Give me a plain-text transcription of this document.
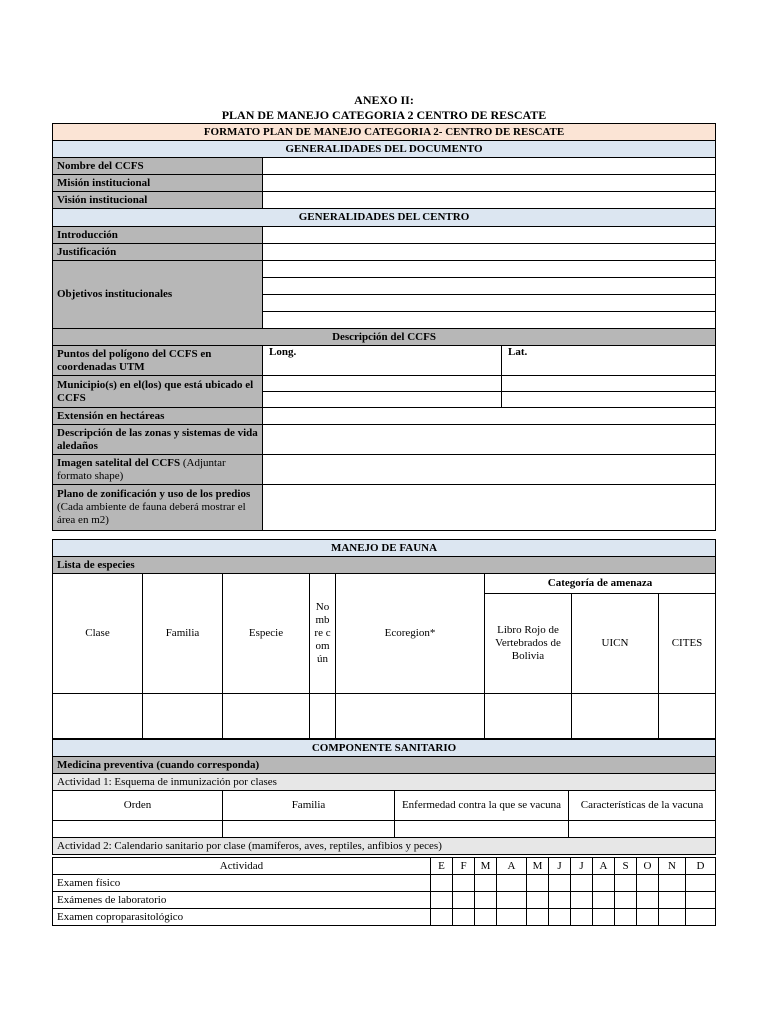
ANEXO II:
PLAN DE MANEJO CATEGORIA 2 CENTRO DE RESCATE
FORMATO PLAN DE MANEJO CATEGORIA 2- CENTRO DE RESCATE		
GENERALIDADES DEL DOCUMENTO		
Nombre del CCFS		
Misión institucional		
Visión institucional		
GENERALIDADES DEL CENTRO		
Introducción		
Justificación		
Objetivos institucionales		

Descripción del CCFS		
Puntos del polígono del CCFS en coordenadas UTM	Long.	Lat.
Municipio(s) en el(los) que está ubicado el CCFS		

Extensión en hectáreas		
Descripción de las zonas y sistemas de vida aledaños		
Imagen satelital del CCFS (Adjuntar formato shape)		
Plano de zonificación y uso de los predios (Cada ambiente de fauna deberá mostrar el área en m2)		
MANEJO DE FAUNA							
Lista de especies							
Clase	Familia	Especie	Nombre común	Ecoregion*	Categoría de amenaza		
					Libro Rojo de Vertebrados de Bolivia	UICN	CITES

COMPONENTE SANITARIO			
Medicina preventiva (cuando corresponda)			
Actividad 1: Esquema de inmunización por clases			
Orden	Familia	Enfermedad contra la que se vacuna	Características de la vacuna

Actividad 2: Calendario sanitario por clase (mamíferos, aves, reptiles, anfibios y peces)			
Actividad	E	F	M	A	M	J	J	A	S	O	N	D
Examen físico												
Exámenes de laboratorio												
Examen coproparasitológico												
